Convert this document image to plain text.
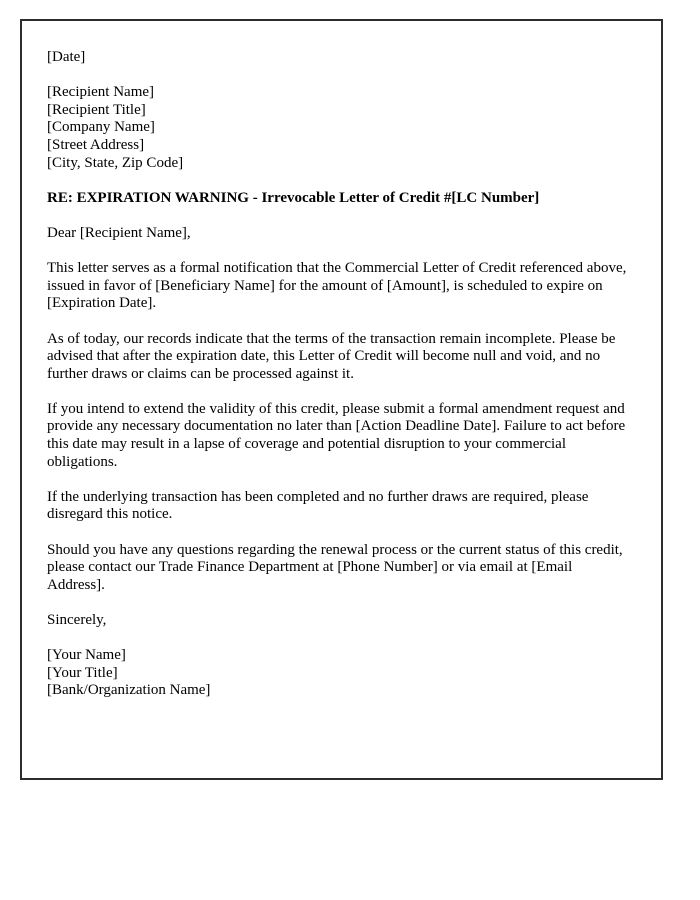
[Date]

[Recipient Name]
[Recipient Title]
[Company Name]
[Street Address]
[City, State, Zip Code]

RE: EXPIRATION WARNING - Irrevocable Letter of Credit #[LC Number]

Dear [Recipient Name],

This letter serves as a formal notification that the Commercial Letter of Credit referenced above, issued in favor of [Beneficiary Name] for the amount of [Amount], is scheduled to expire on [Expiration Date].

As of today, our records indicate that the terms of the transaction remain incomplete. Please be advised that after the expiration date, this Letter of Credit will become null and void, and no further draws or claims can be processed against it.

If you intend to extend the validity of this credit, please submit a formal amendment request and provide any necessary documentation no later than [Action Deadline Date]. Failure to act before this date may result in a lapse of coverage and potential disruption to your commercial obligations.

If the underlying transaction has been completed and no further draws are required, please disregard this notice.

Should you have any questions regarding the renewal process or the current status of this credit, please contact our Trade Finance Department at [Phone Number] or via email at [Email Address].

Sincerely,

[Your Name]
[Your Title]
[Bank/Organization Name]
